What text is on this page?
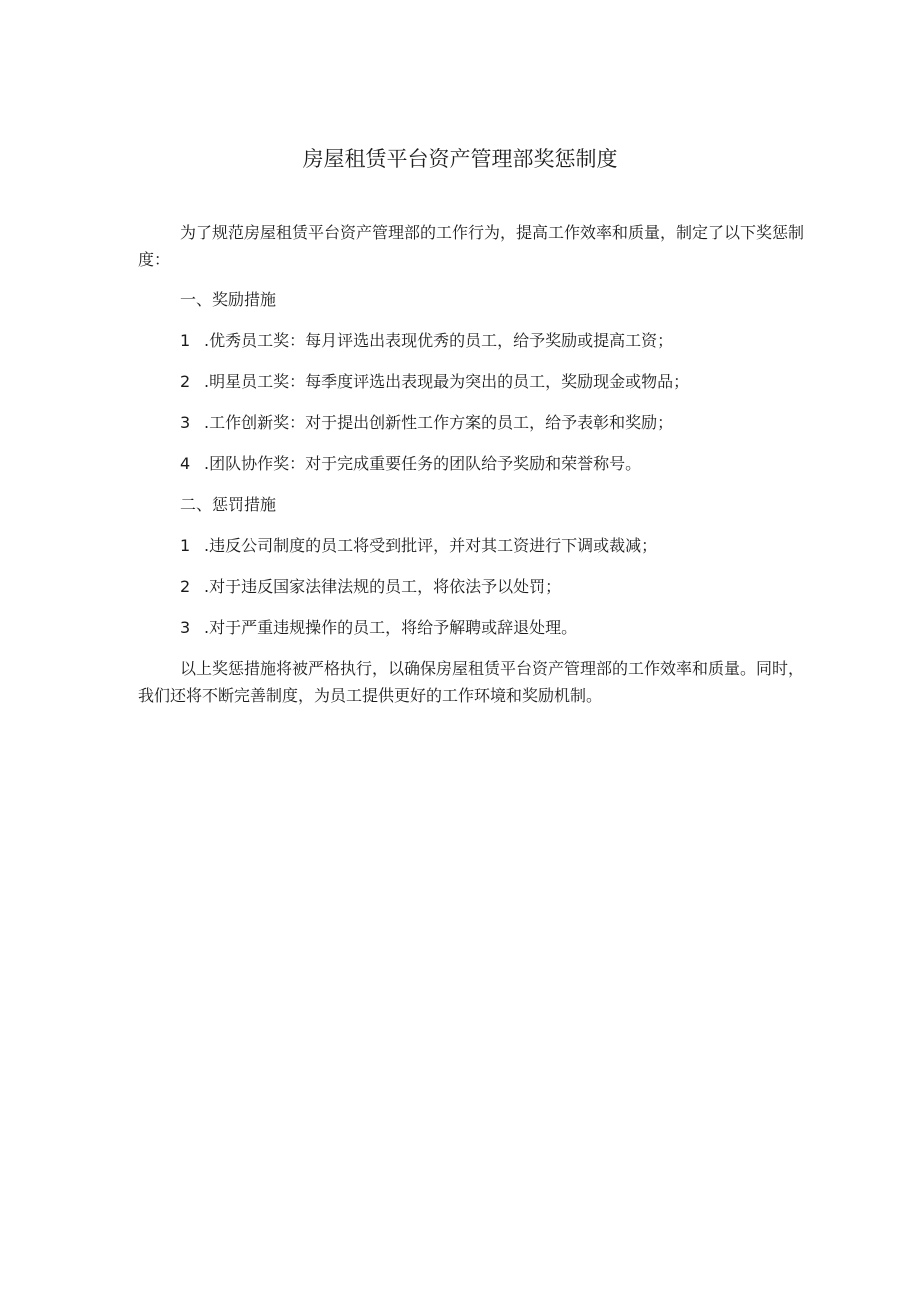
房屋租赁平台资产管理部奖惩制度

为了规范房屋租赁平台资产管理部的工作行为，提高工作效率和质量，制定了以下奖惩制度：

一、奖励措施

1 .优秀员工奖：每月评选出表现优秀的员工，给予奖励或提高工资；

2 .明星员工奖：每季度评选出表现最为突出的员工，奖励现金或物品；

3 .工作创新奖：对于提出创新性工作方案的员工，给予表彰和奖励；

4 .团队协作奖：对于完成重要任务的团队给予奖励和荣誉称号。

二、惩罚措施

1 .违反公司制度的员工将受到批评，并对其工资进行下调或裁减；

2 .对于违反国家法律法规的员工，将依法予以处罚；

3 .对于严重违规操作的员工，将给予解聘或辞退处理。

以上奖惩措施将被严格执行，以确保房屋租赁平台资产管理部的工作效率和质量。同时，我们还将不断完善制度，为员工提供更好的工作环境和奖励机制。
